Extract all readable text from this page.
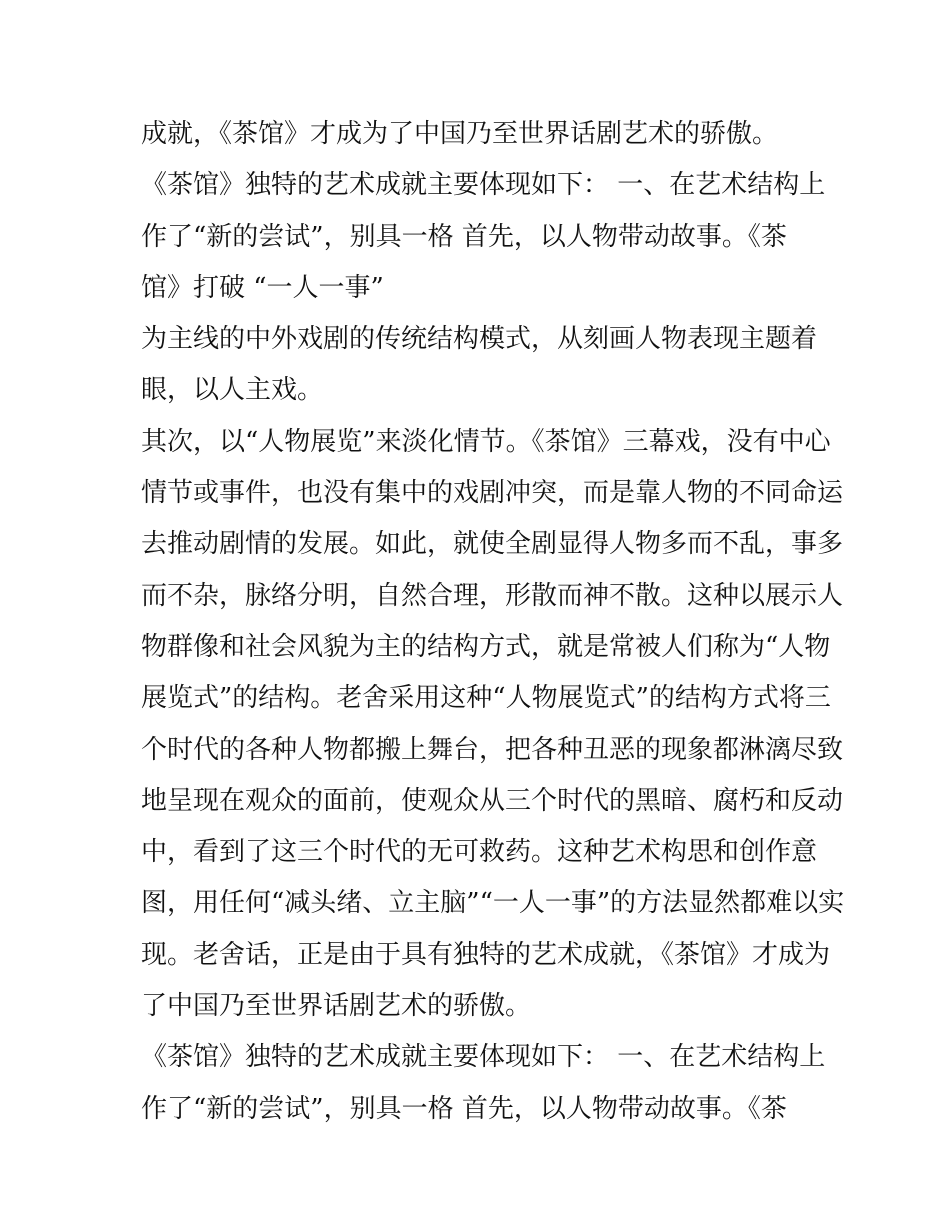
成就，《茶馆》才成为了中国乃至世界话剧艺术的骄傲。
《茶馆》独特的艺术成就主要体现如下： 一、在艺术结构上
作了“新的尝试”，别具一格 首先，以人物带动故事。《茶
馆》打破 “一人一事”
为主线的中外戏剧的传统结构模式，从刻画人物表现主题着
眼，以人主戏。
其次，以“人物展览”来淡化情节。《茶馆》三幕戏，没有中心
情节或事件，也没有集中的戏剧冲突，而是靠人物的不同命运
去推动剧情的发展。如此，就使全剧显得人物多而不乱，事多
而不杂，脉络分明，自然合理，形散而神不散。这种以展示人
物群像和社会风貌为主的结构方式，就是常被人们称为“人物
展览式”的结构。老舍采用这种“人物展览式”的结构方式将三
个时代的各种人物都搬上舞台，把各种丑恶的现象都淋漓尽致
地呈现在观众的面前，使观众从三个时代的黑暗、腐朽和反动
中，看到了这三个时代的无可救药。这种艺术构思和创作意
图，用任何“减头绪、立主脑”“一人一事”的方法显然都难以实
现。老舍话，正是由于具有独特的艺术成就，《茶馆》才成为
了中国乃至世界话剧艺术的骄傲。
《茶馆》独特的艺术成就主要体现如下： 一、在艺术结构上
作了“新的尝试”，别具一格 首先，以人物带动故事。《茶
